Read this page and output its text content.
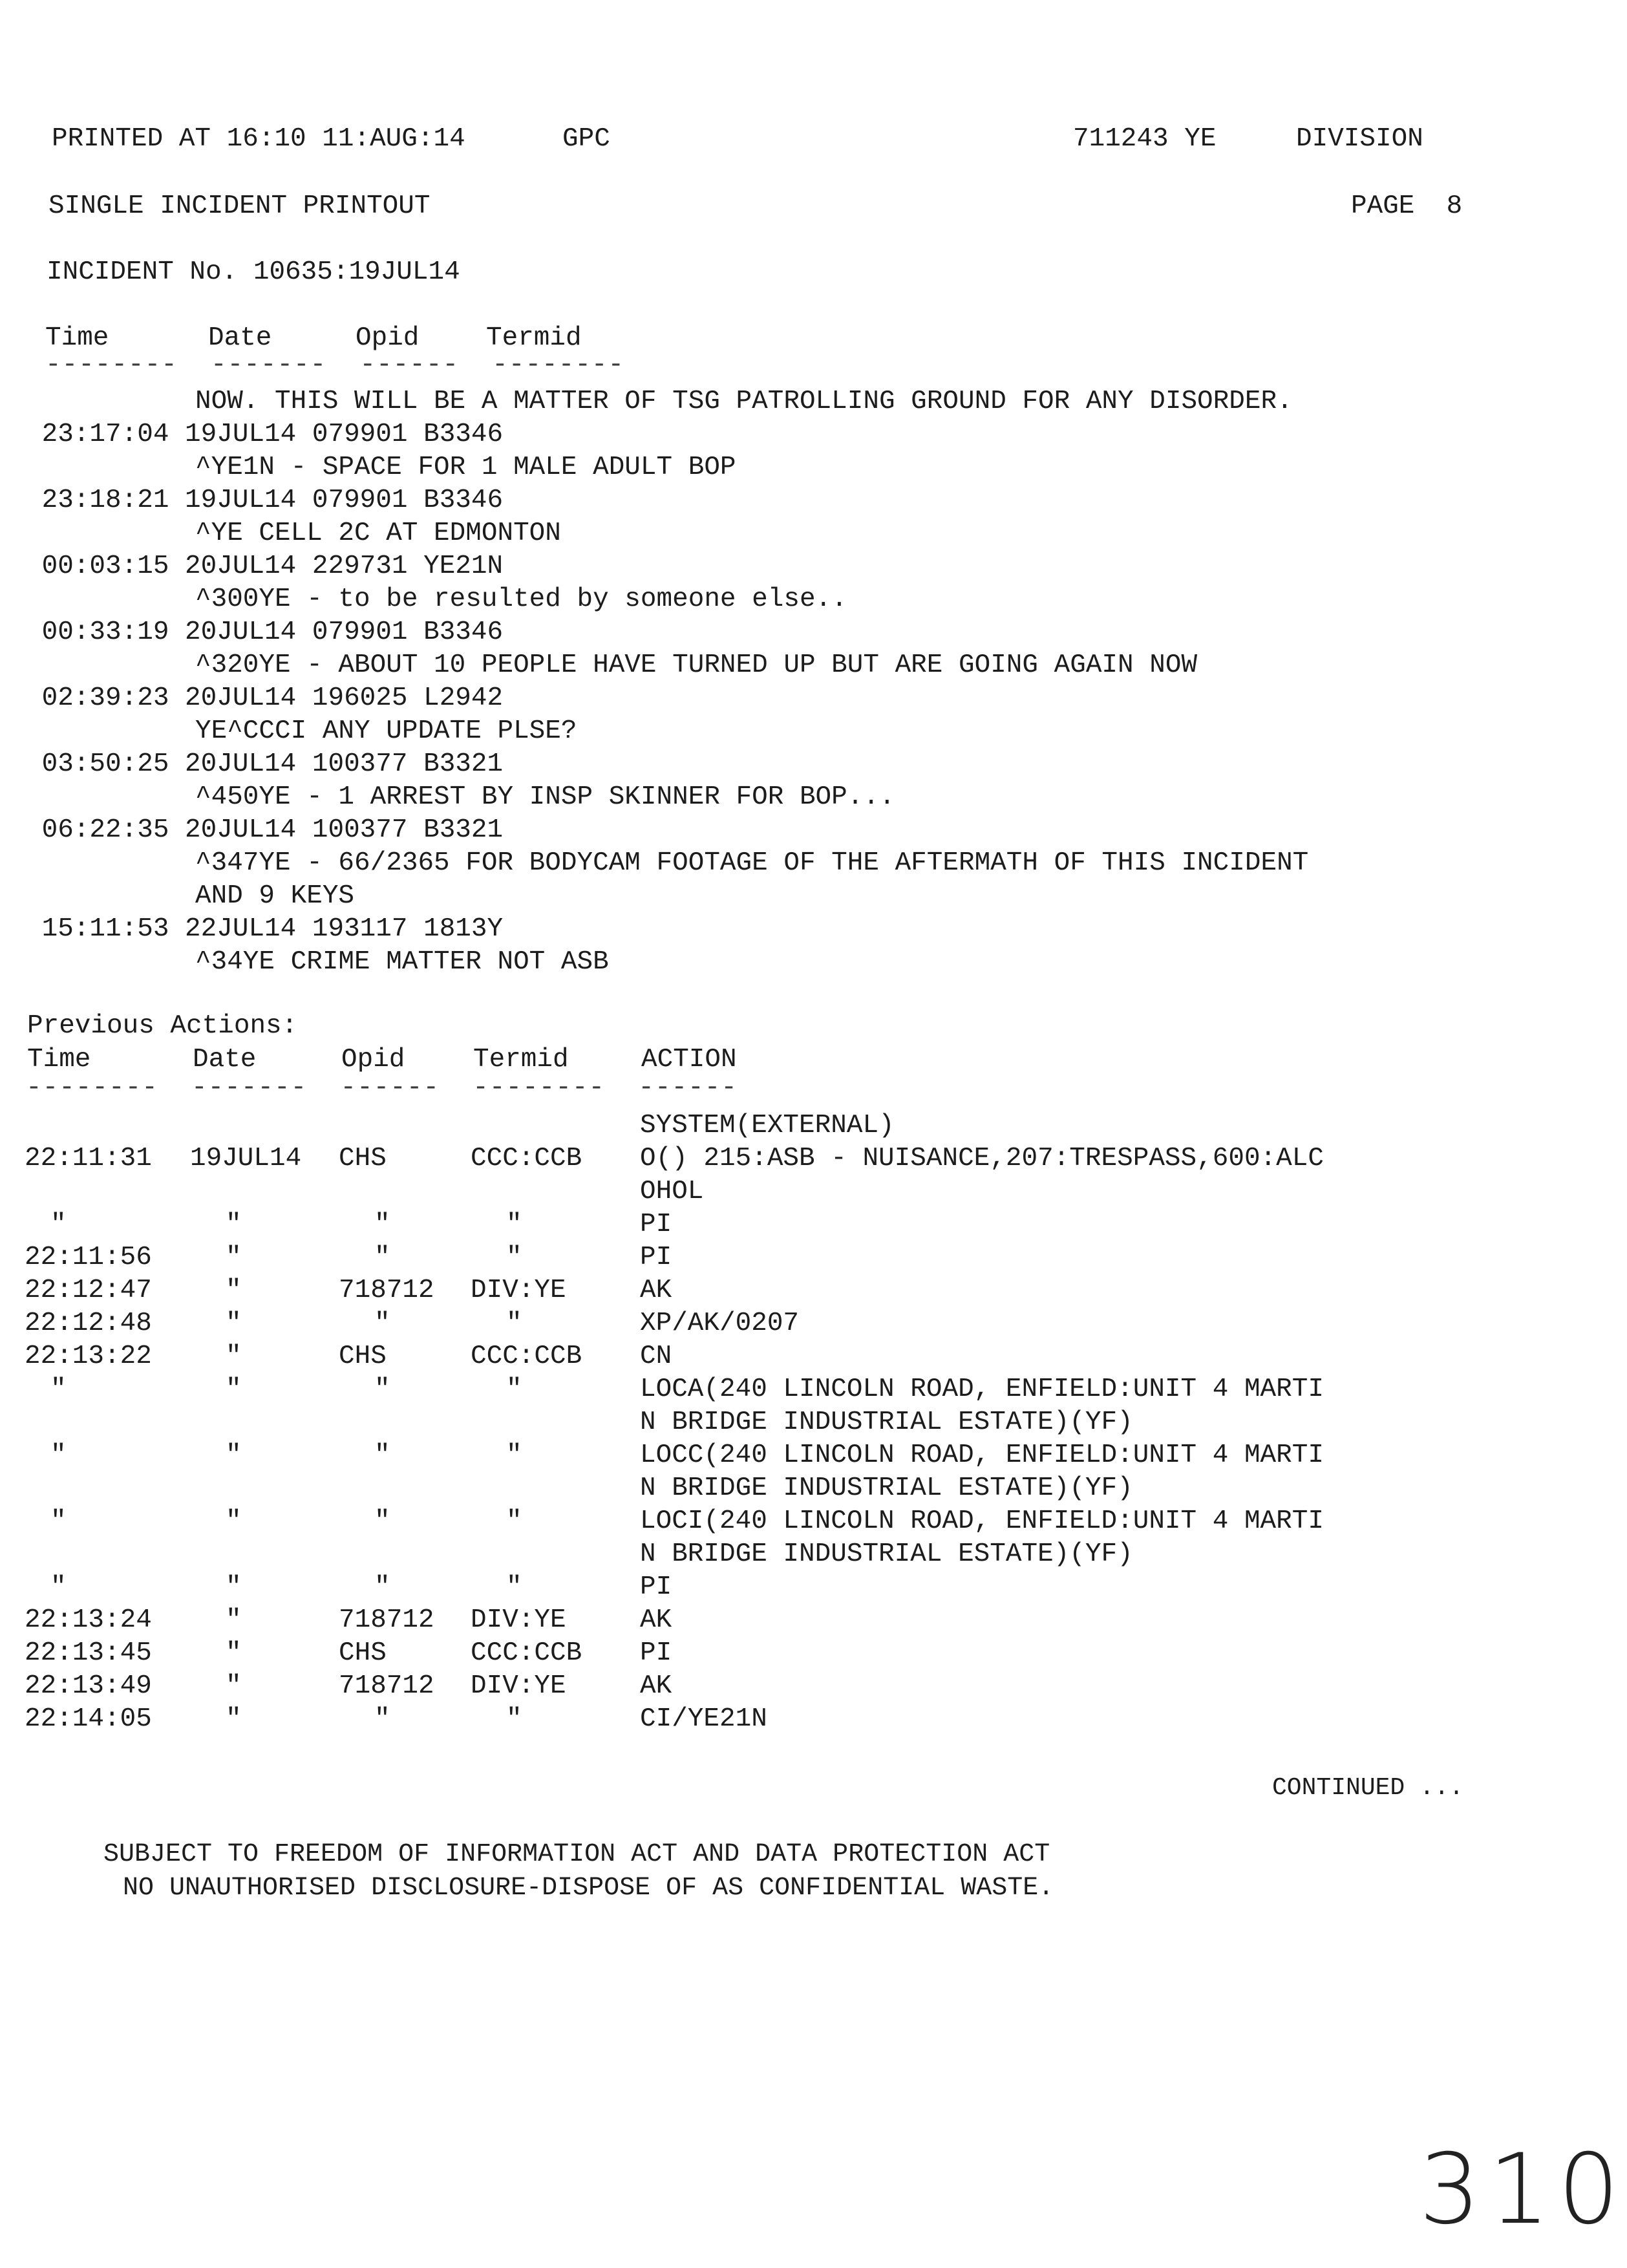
PRINTED AT 16:10 11:AUG:14	GPC	711243 YE	DIVISION
SINGLE INCIDENT PRINTOUT	PAGE  8
INCIDENT No. 10635:19JUL14
Time	Date	Opid	Termid
--------  -------  ------  --------
NOW. THIS WILL BE A MATTER OF TSG PATROLLING GROUND FOR ANY DISORDER.
23:17:04 19JUL14 079901 B3346
^YE1N - SPACE FOR 1 MALE ADULT BOP
23:18:21 19JUL14 079901 B3346
^YE CELL 2C AT EDMONTON
00:03:15 20JUL14 229731 YE21N
^300YE - to be resulted by someone else..
00:33:19 20JUL14 079901 B3346
^320YE - ABOUT 10 PEOPLE HAVE TURNED UP BUT ARE GOING AGAIN NOW
02:39:23 20JUL14 196025 L2942
YE^CCCI ANY UPDATE PLSE?
03:50:25 20JUL14 100377 B3321
^450YE - 1 ARREST BY INSP SKINNER FOR BOP...
06:22:35 20JUL14 100377 B3321
^347YE - 66/2365 FOR BODYCAM FOOTAGE OF THE AFTERMATH OF THIS INCIDENT
AND 9 KEYS
15:11:53 22JUL14 193117 1813Y
^34YE CRIME MATTER NOT ASB
Previous Actions:
Time	Date	Opid	Termid	ACTION
--------  -------  ------  --------  ------
SYSTEM(EXTERNAL)
22:11:31 19JUL14 CHS	CCC:CCB O() 215:ASB - NUISANCE,207:TRESPASS,600:ALC
OHOL
"	"	"	"	PI
22:11:56	"	"	"	PI
22:12:47	"	718712 DIV:YE	AK
22:12:48	"	"	"	XP/AK/0207
22:13:22	"	CHS	CCC:CCB CN
"	"	"	"	LOCA(240 LINCOLN ROAD, ENFIELD:UNIT 4 MARTI
N BRIDGE INDUSTRIAL ESTATE)(YF)
"	"	"	"	LOCC(240 LINCOLN ROAD, ENFIELD:UNIT 4 MARTI
N BRIDGE INDUSTRIAL ESTATE)(YF)
"	"	"	"	LOCI(240 LINCOLN ROAD, ENFIELD:UNIT 4 MARTI
N BRIDGE INDUSTRIAL ESTATE)(YF)
"	"	"	"	PI
22:13:24	"	718712 DIV:YE	AK
22:13:45	"	CHS	CCC:CCB PI
22:13:49	"	718712 DIV:YE	AK
22:14:05	"	"	"	CI/YE21N
CONTINUED ...
SUBJECT TO FREEDOM OF INFORMATION ACT AND DATA PROTECTION ACT
NO UNAUTHORISED DISCLOSURE-DISPOSE OF AS CONFIDENTIAL WASTE.
310
